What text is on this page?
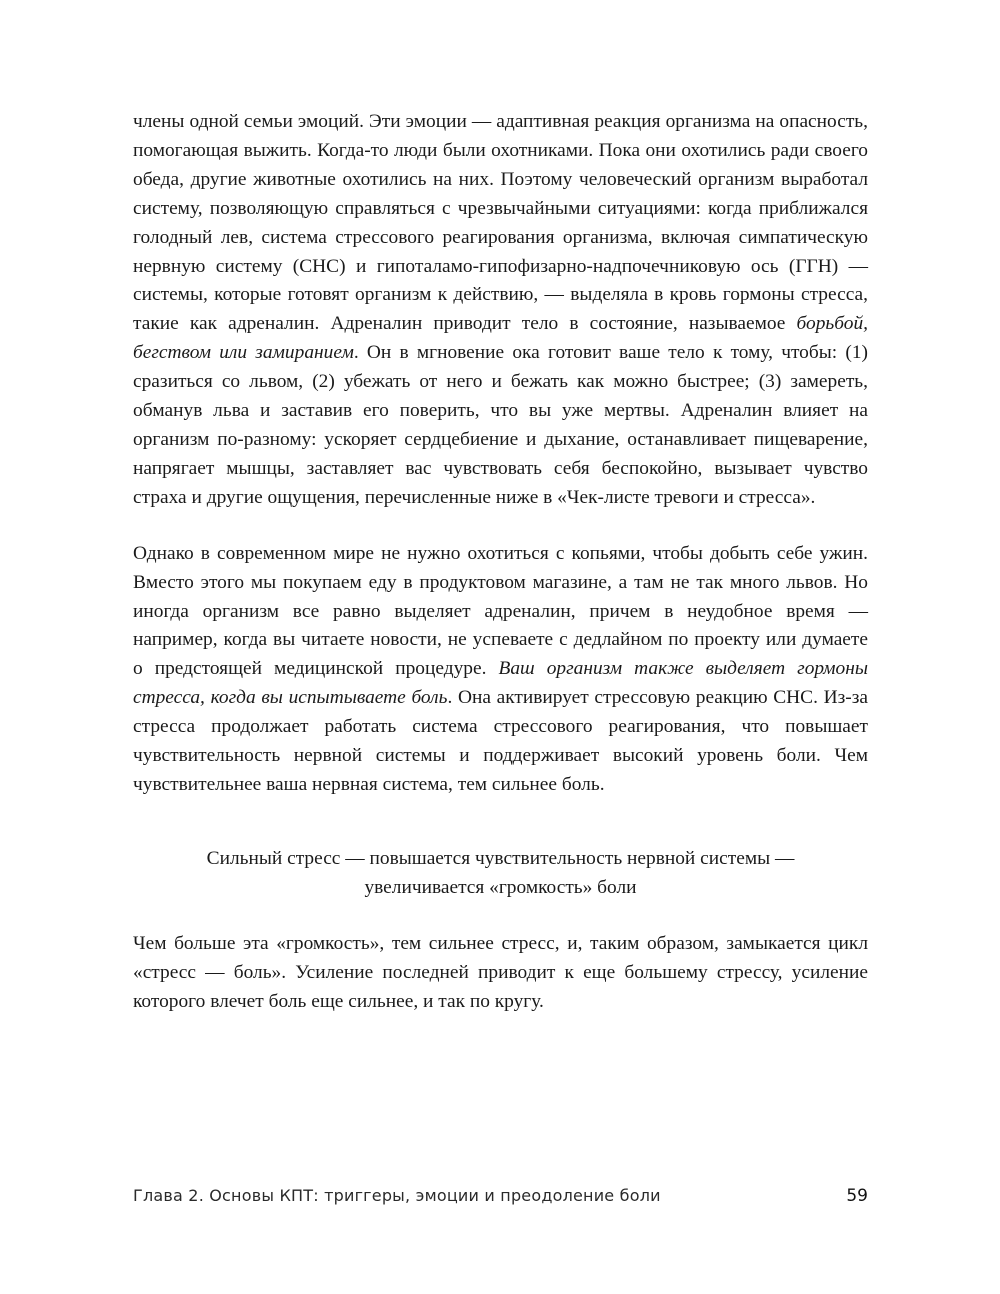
члены одной семьи эмоций. Эти эмоции — адаптивная реакция организма на опасность, помогающая выжить. Когда-то люди были охотниками. Пока они охотились ради своего обеда, другие животные охотились на них. Поэтому человеческий организм выработал систему, позволяющую справляться с чрезвычайными ситуациями: когда приближался голодный лев, система стрессового реагирования организма, включая симпатическую нервную систему (СНС) и гипоталамо-гипофизарно-надпочечниковую ось (ГГН) — системы, которые готовят организм к действию, — выделяла в кровь гормоны стресса, такие как адреналин. Адреналин приводит тело в состояние, называемое борьбой, бегством или замиранием. Он в мгновение ока готовит ваше тело к тому, чтобы: (1) сразиться со львом, (2) убежать от него и бежать как можно быстрее; (3) замереть, обманув льва и заставив его поверить, что вы уже мертвы. Адреналин влияет на организм по-разному: ускоряет сердцебиение и дыхание, останавливает пищеварение, напрягает мышцы, заставляет вас чувствовать себя беспокойно, вызывает чувство страха и другие ощущения, перечисленные ниже в «Чек-листе тревоги и стресса».

Однако в современном мире не нужно охотиться с копьями, чтобы добыть себе ужин. Вместо этого мы покупаем еду в продуктовом магазине, а там не так много львов. Но иногда организм все равно выделяет адреналин, причем в неудобное время — например, когда вы читаете новости, не успеваете с дедлайном по проекту или думаете о предстоящей медицинской процедуре. Ваш организм также выделяет гормоны стресса, когда вы испытываете боль. Она активирует стрессовую реакцию СНС. Из-за стресса продолжает работать система стрессового реагирования, что повышает чувствительность нервной системы и поддерживает высокий уровень боли. Чем чувствительнее ваша нервная система, тем сильнее боль.

Сильный стресс — повышается чувствительность нервной системы —
увеличивается «громкость» боли

Чем больше эта «громкость», тем сильнее стресс, и, таким образом, замыкается цикл «стресс — боль». Усиление последней приводит к еще большему стрессу, усиление которого влечет боль еще сильнее, и так по кругу.

Глава 2. Основы КПТ: триггеры, эмоции и преодоление боли	59
